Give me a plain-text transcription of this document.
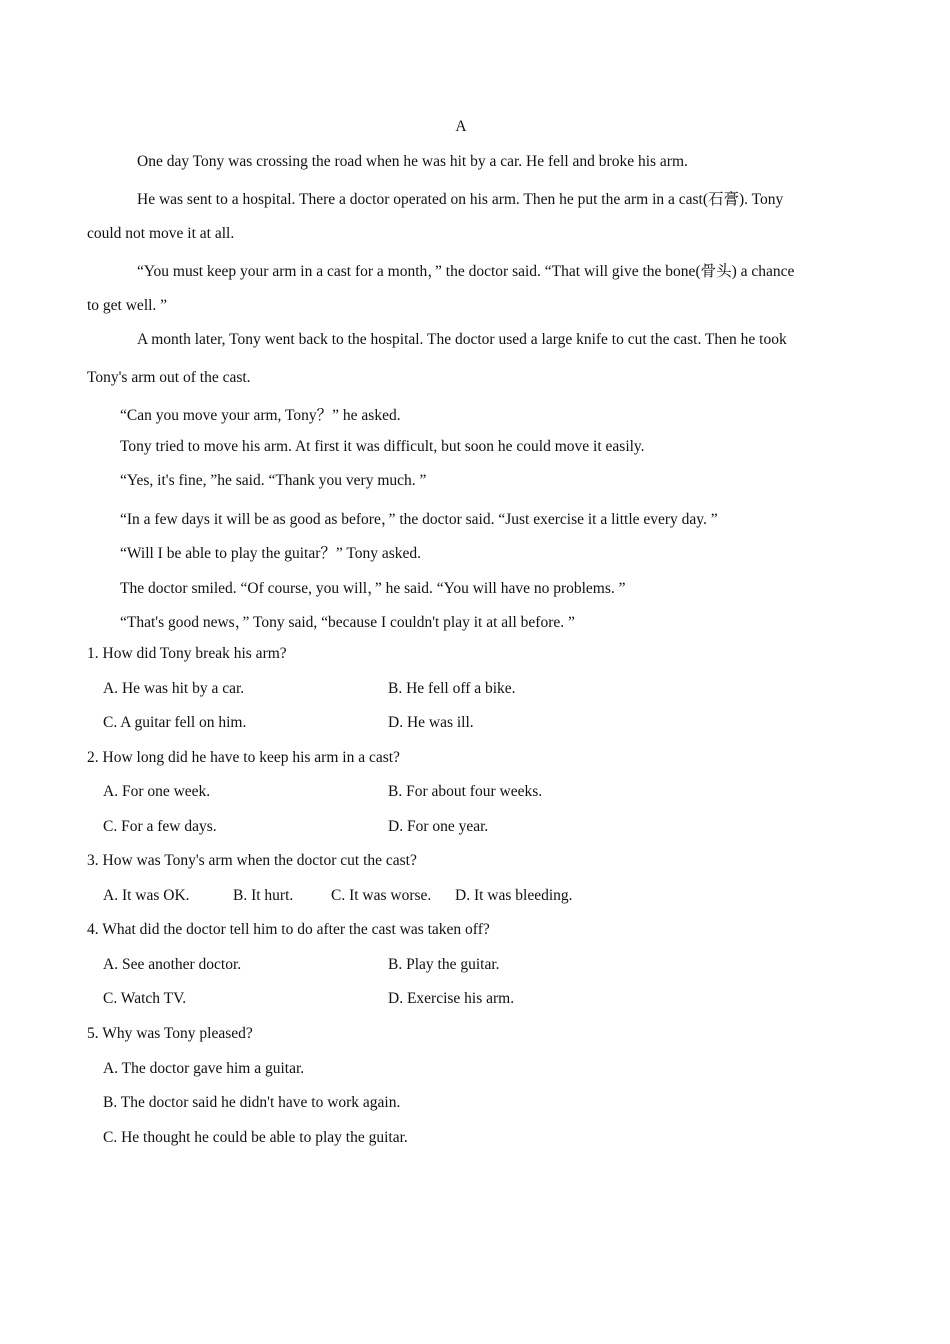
A
One day Tony was crossing the road when he was hit by a car. He fell and broke his arm.
He was sent to a hospital. There a doctor operated on his arm. Then he put the arm in a cast(石膏). Tony
could not move it at all.
“You must keep your arm in a cast for a month，” the doctor said. “That will give the bone(骨头) a chance
to get well. ”
A month later, Tony went back to the hospital. The doctor used a large knife to cut the cast. Then he took
Tony's arm out of the cast.
“Can you move your arm, Tony？” he asked.
Tony tried to move his arm. At first it was difficult, but soon he could move it easily.
“Yes, it's fine, ”he said. “Thank you very much. ”
“In a few days it will be as good as before，” the doctor said. “Just exercise it a little every day. ”
“Will I be able to play the guitar？” Tony asked.
The doctor smiled. “Of course, you will，” he said. “You will have no problems. ”
“That's good news，” Tony said, “because I couldn't play it at all before. ”
1. How did Tony break his arm?
A. He was hit by a car.	B. He fell off a bike.
C. A guitar fell on him.	D. He was ill.
2. How long did he have to keep his arm in a cast?
A. For one week.	B. For about four weeks.
C. For a few days.	D. For one year.
3. How was Tony's arm when the doctor cut the cast?
A. It was OK.	B. It hurt. C. It was worse. D. It was bleeding.
4. What did the doctor tell him to do after the cast was taken off?
A. See another doctor.	B. Play the guitar.
C. Watch TV.	D. Exercise his arm.
5. Why was Tony pleased?
A. The doctor gave him a guitar.
B. The doctor said he didn't have to work again.
C. He thought he could be able to play the guitar.
